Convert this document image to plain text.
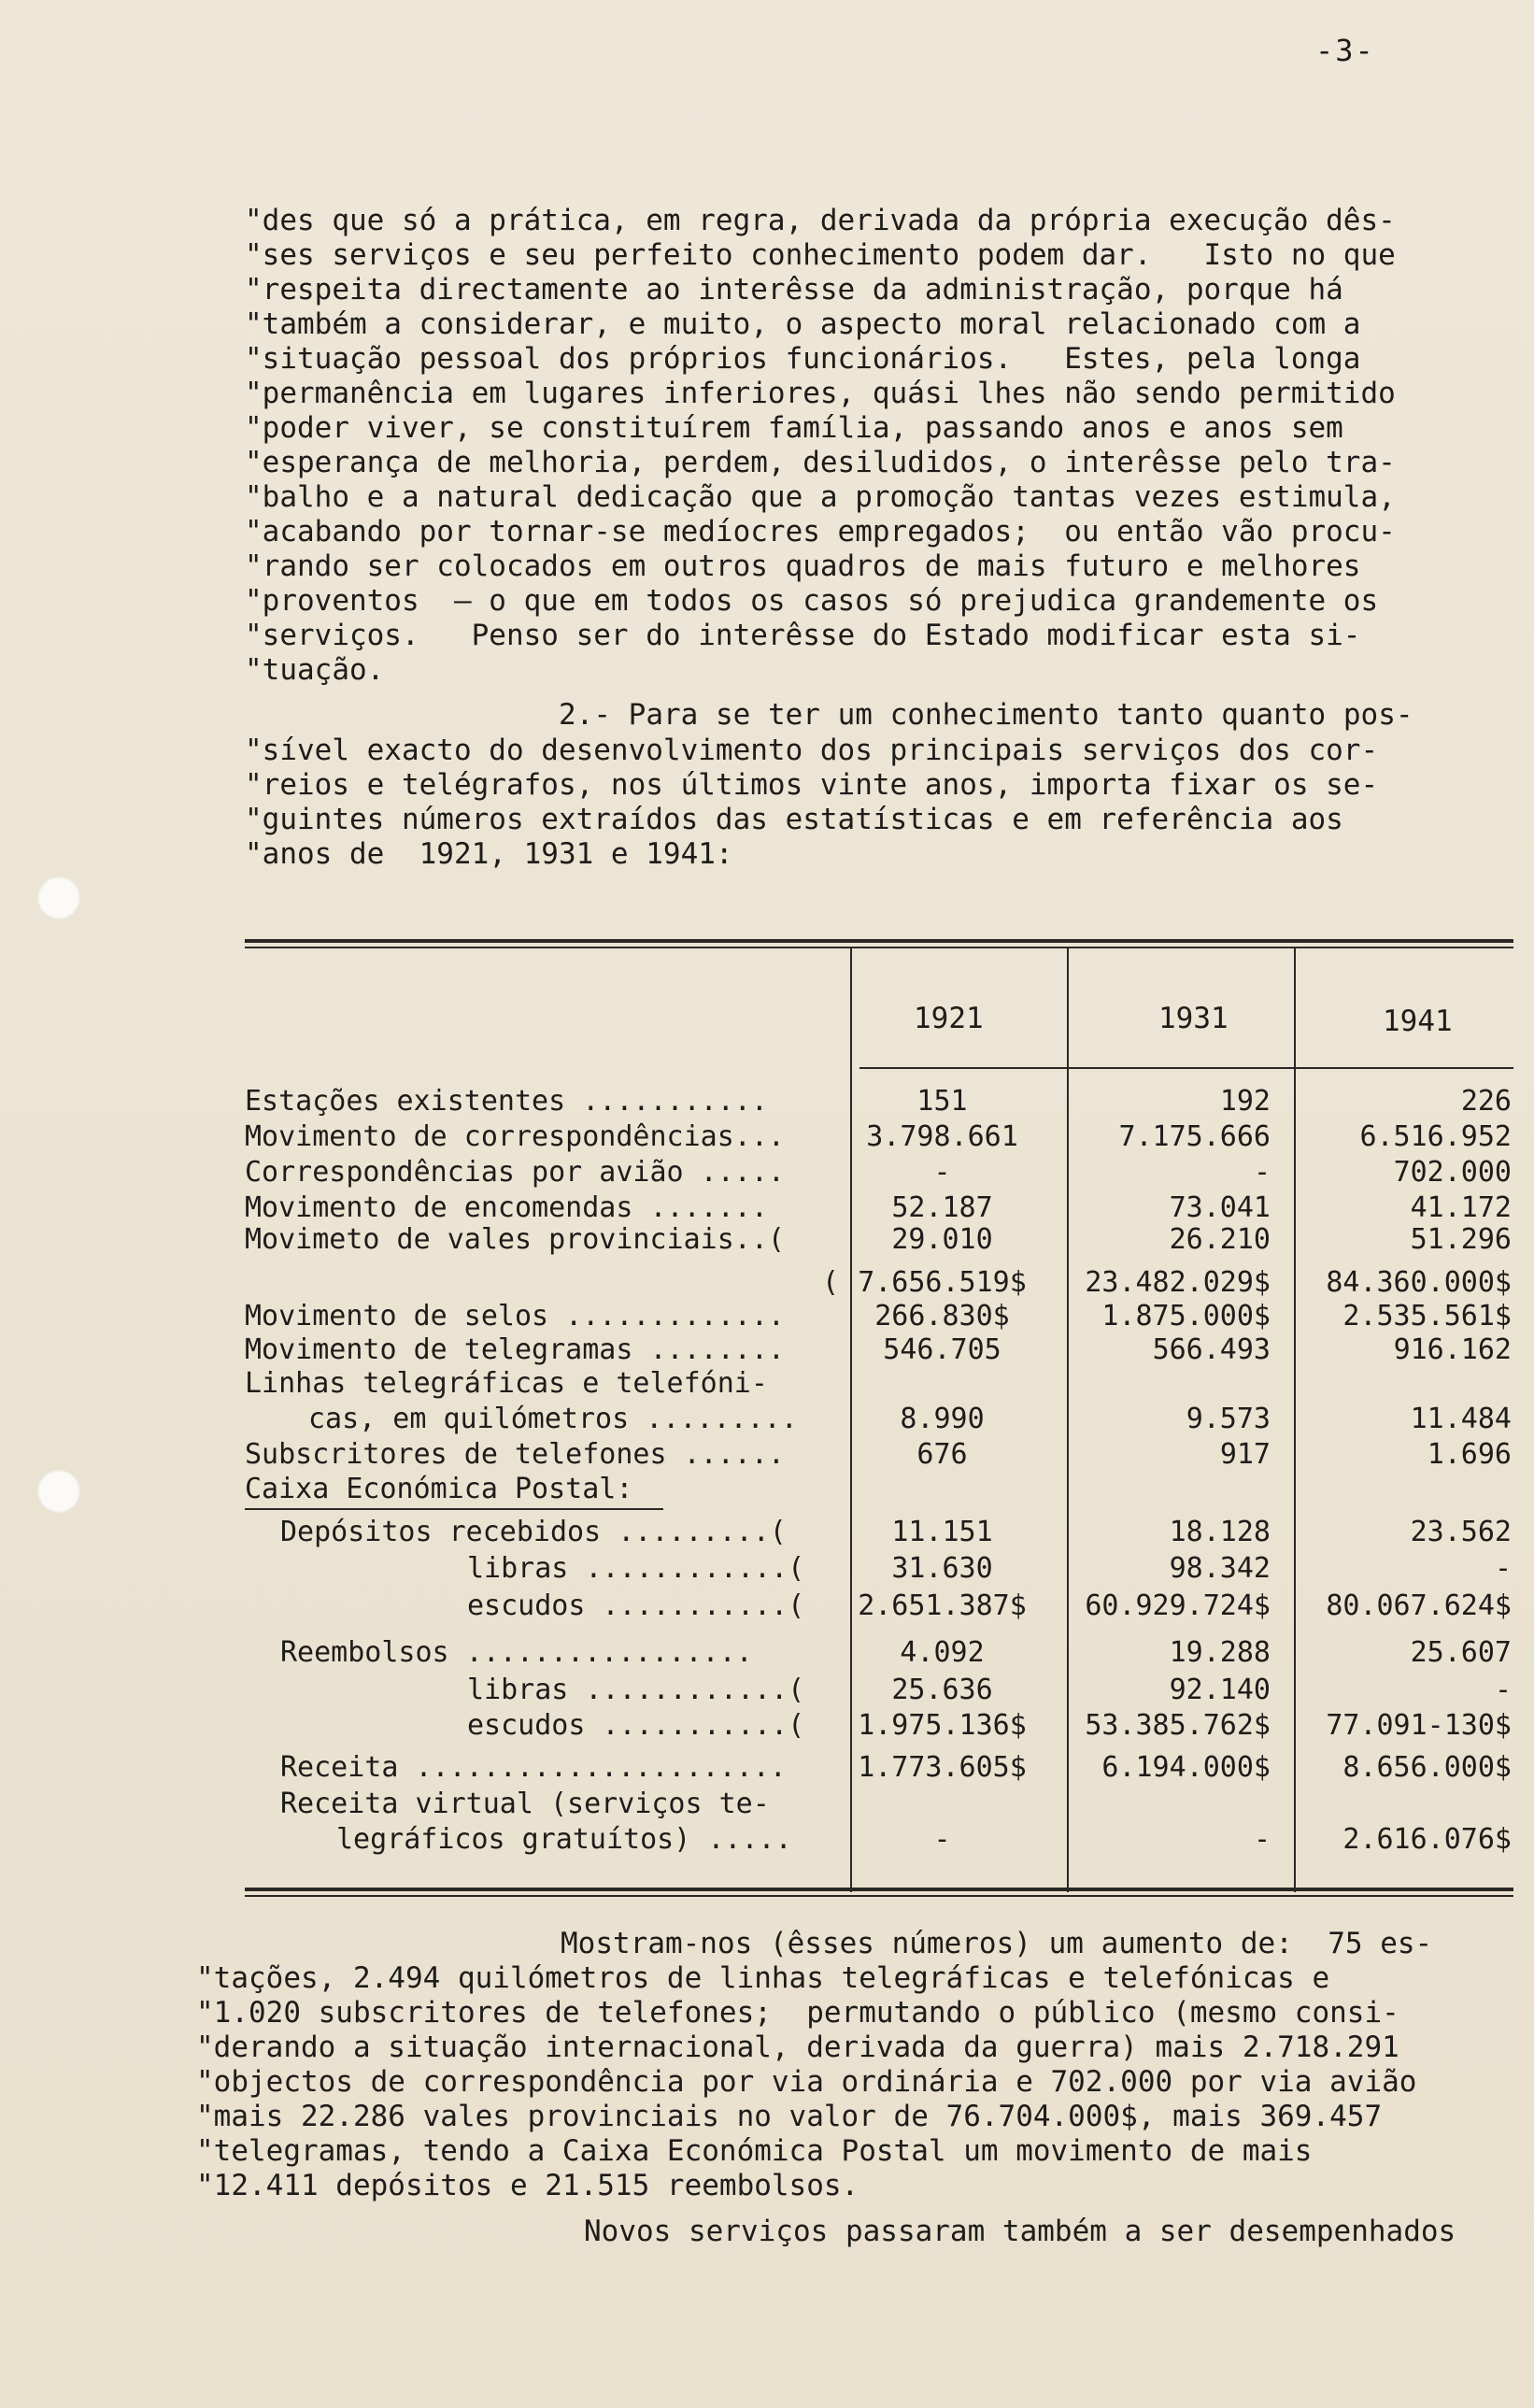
-3-
"des que só a prática, em regra, derivada da própria execução dês-
"ses serviços e seu perfeito conhecimento podem dar.   Isto no que
"respeita directamente ao interêsse da administração, porque há
"também a considerar, e muito, o aspecto moral relacionado com a
"situação pessoal dos próprios funcionários.   Estes, pela longa
"permanência em lugares inferiores, quási lhes não sendo permitido
"poder viver, se constituírem família, passando anos e anos sem
"esperança de melhoria, perdem, desiludidos, o interêsse pelo tra-
"balho e a natural dedicação que a promoção tantas vezes estimula,
"acabando por tornar-se medíocres empregados;  ou então vão procu-
"rando ser colocados em outros quadros de mais futuro e melhores
"proventos  — o que em todos os casos só prejudica grandemente os
"serviços.   Penso ser do interêsse do Estado modificar esta si-
"tuação.
2.- Para se ter um conhecimento tanto quanto pos-
"sível exacto do desenvolvimento dos principais serviços dos cor-
"reios e telégrafos, nos últimos vinte anos, importa fixar os se-
"guintes números extraídos das estatísticas e em referência aos
"anos de  1921, 1931 e 1941:
1921	1931	1941
Estações existentes ...........	151	192	226
Movimento de correspondências...	3.798.661	7.175.666	6.516.952
Correspondências por avião .....	-	-	702.000
Movimento de encomendas .......	52.187	73.041	41.172
Movimeto de vales provinciais..(	29.010	26.210	51.296
( 7.656.519$	23.482.029$	84.360.000$
Movimento de selos .............	266.830$	1.875.000$	2.535.561$
Movimento de telegramas ........	546.705	566.493	916.162
Linhas telegráficas e telefóni-
cas, em quilómetros .........	8.990	9.573	11.484
Subscritores de telefones ......	676	917	1.696
Caixa Económica Postal:
Depósitos recebidos .........(	11.151	18.128	23.562
libras ............(	31.630	98.342	-
escudos ...........( 2.651.387$	60.929.724$	80.067.624$
Reembolsos .................	4.092	19.288	25.607
libras ............(	25.636	92.140	-
escudos ...........( 1.975.136$	53.385.762$	77.091-130$
Receita ......................	1.773.605$	6.194.000$	8.656.000$
Receita virtual (serviços te-
legráficos gratuítos) .....	-	-	2.616.076$
Mostram-nos (êsses números) um aumento de:  75 es-
"tações, 2.494 quilómetros de linhas telegráficas e telefónicas e
"1.020 subscritores de telefones;  permutando o público (mesmo consi-
"derando a situação internacional, derivada da guerra) mais 2.718.291
"objectos de correspondência por via ordinária e 702.000 por via avião
"mais 22.286 vales provinciais no valor de 76.704.000$, mais 369.457
"telegramas, tendo a Caixa Económica Postal um movimento de mais
"12.411 depósitos e 21.515 reembolsos.
Novos serviços passaram também a ser desempenhados
